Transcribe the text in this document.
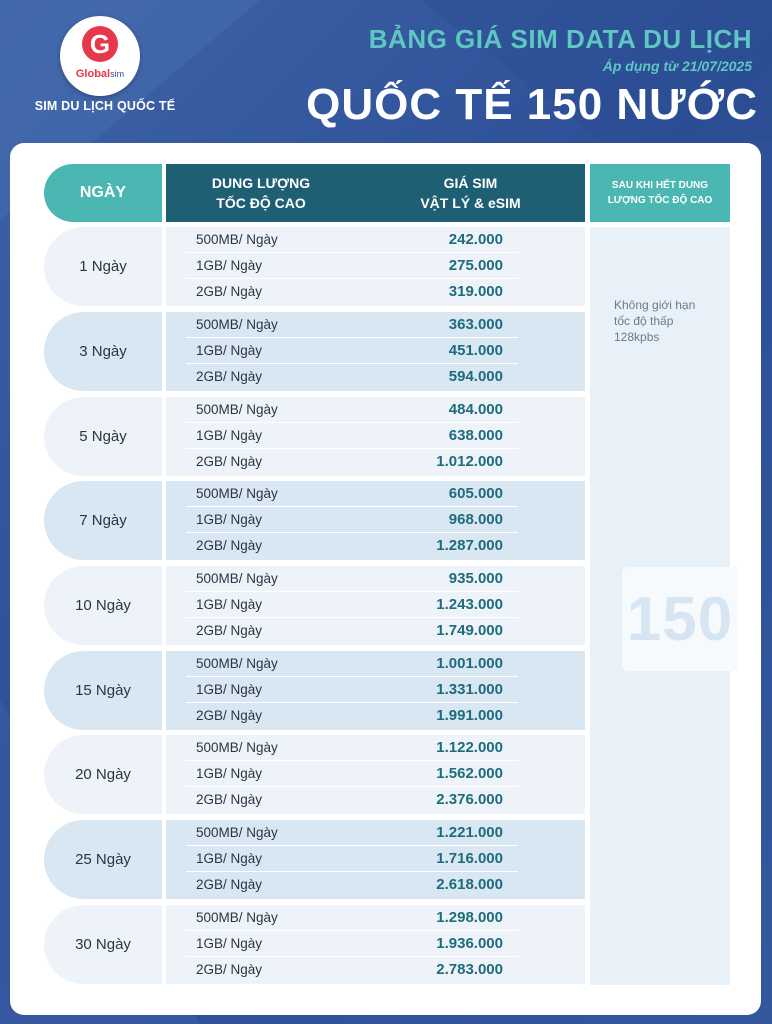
G
Globalsim
SIM DU LỊCH QUỐC TẾ
BẢNG GIÁ SIM DATA DU LỊCH
Áp dụng từ 21/07/2025
QUỐC TẾ 150 NƯỚC
NGÀY
DUNG LƯỢNG
TỐC ĐỘ CAO
GIÁ SIM
VẬT LÝ & eSIM
SAU KHI HẾT DUNG
LƯỢNG TỐC ĐỘ CAO
Không giới hạn
tốc độ thấp
128kpbs
150
1 Ngày
500MB/ Ngày	242.000
1GB/ Ngày	275.000
2GB/ Ngày	319.000
3 Ngày
500MB/ Ngày	363.000
1GB/ Ngày	451.000
2GB/ Ngày	594.000
5 Ngày
500MB/ Ngày	484.000
1GB/ Ngày	638.000
2GB/ Ngày	1.012.000
7 Ngày
500MB/ Ngày	605.000
1GB/ Ngày	968.000
2GB/ Ngày	1.287.000
10 Ngày
500MB/ Ngày	935.000
1GB/ Ngày	1.243.000
2GB/ Ngày	1.749.000
15 Ngày
500MB/ Ngày	1.001.000
1GB/ Ngày	1.331.000
2GB/ Ngày	1.991.000
20 Ngày
500MB/ Ngày	1.122.000
1GB/ Ngày	1.562.000
2GB/ Ngày	2.376.000
25 Ngày
500MB/ Ngày	1.221.000
1GB/ Ngày	1.716.000
2GB/ Ngày	2.618.000
30 Ngày
500MB/ Ngày	1.298.000
1GB/ Ngày	1.936.000
2GB/ Ngày	2.783.000
